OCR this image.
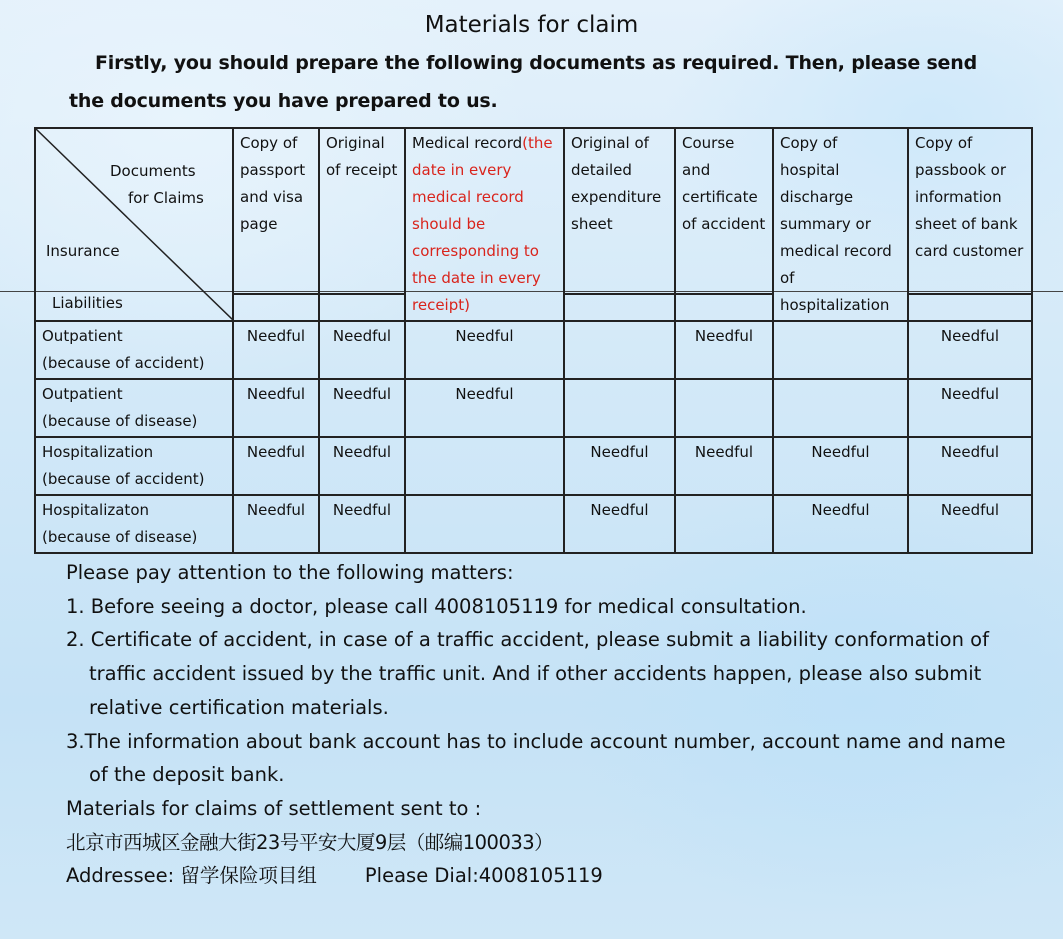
Materials for claim
Firstly, you should prepare the following documents as required. Then, please send the documents you have prepared to us.
Documents
for Claims
Insurance
Liabilities	Copy of passport and visa page	Original of receipt	Medical record(the date in every medical record should be corresponding to the date in every receipt)	Original of detailed expenditure sheet	Course and certificate of accident	Copy of hospital discharge summary or medical record of hospitalization	Copy of passbook or information sheet of bank card customer

Outpatient
(because of accident)	Needful	Needful	Needful		Needful		Needful
Outpatient
(because of disease)	Needful	Needful	Needful				Needful
Hospitalization
(because of accident)	Needful	Needful		Needful	Needful	Needful	Needful
Hospitalizaton
(because of disease)	Needful	Needful		Needful		Needful	Needful

Please pay attention to the following matters:

1. Before seeing a doctor, please call 4008105119 for medical consultation.

2. Certificate of accident, in case of a traffic accident, please submit a liability conformation of

traffic accident issued by the traffic unit. And if other accidents happen, please also submit

relative certification materials.

3.The information about bank account has to include account number, account name and name

of the deposit bank.

Materials for claims of settlement sent to :

北京市西城区金融大街23号平安大厦9层（邮编100033）

Addressee: 留学保险项目组 Please Dial:4008105119
